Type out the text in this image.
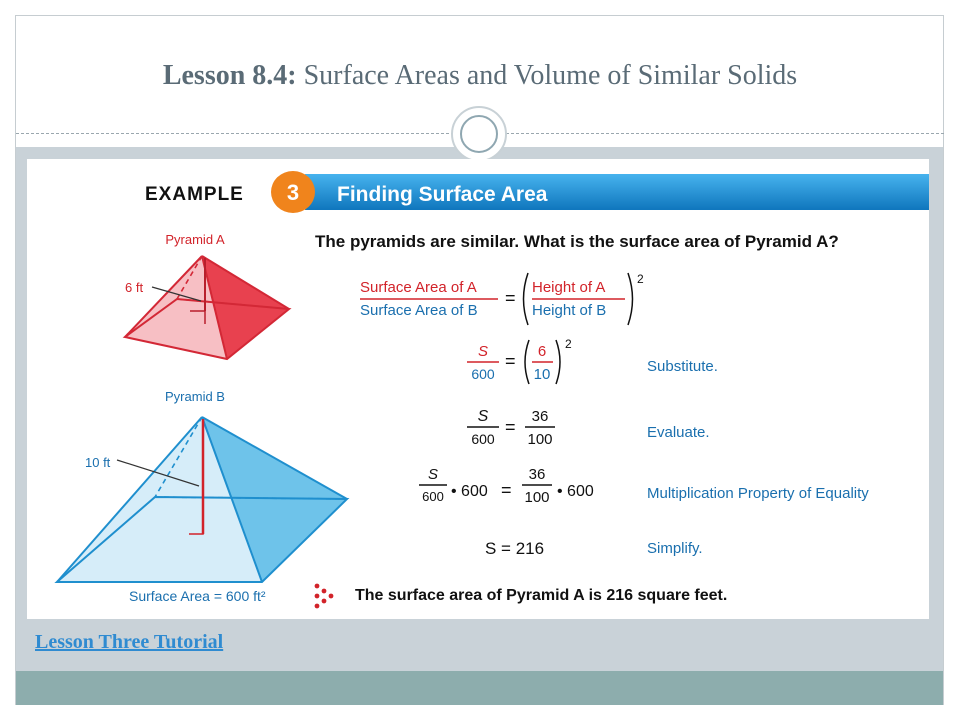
Lesson 8.4: Surface Areas and Volume of Similar Solids
EXAMPLE 3 Finding Surface Area
The pyramids are similar. What is the surface area of Pyramid A?
Pyramid A
6 ft
Pyramid B
10 ft
Surface Area = 600 ft²
Surface Area of A
Surface Area of B
=
Height of A
Height of B
2
S
600
= 6
10
2
Substitute.
S
600
=
36
100	Evaluate.
S
600 • 600 =
36
100 • 600	Multiplication Property of Equality
S = 216	Simplify.
The surface area of Pyramid A is 216 square feet.
Lesson Three Tutorial
